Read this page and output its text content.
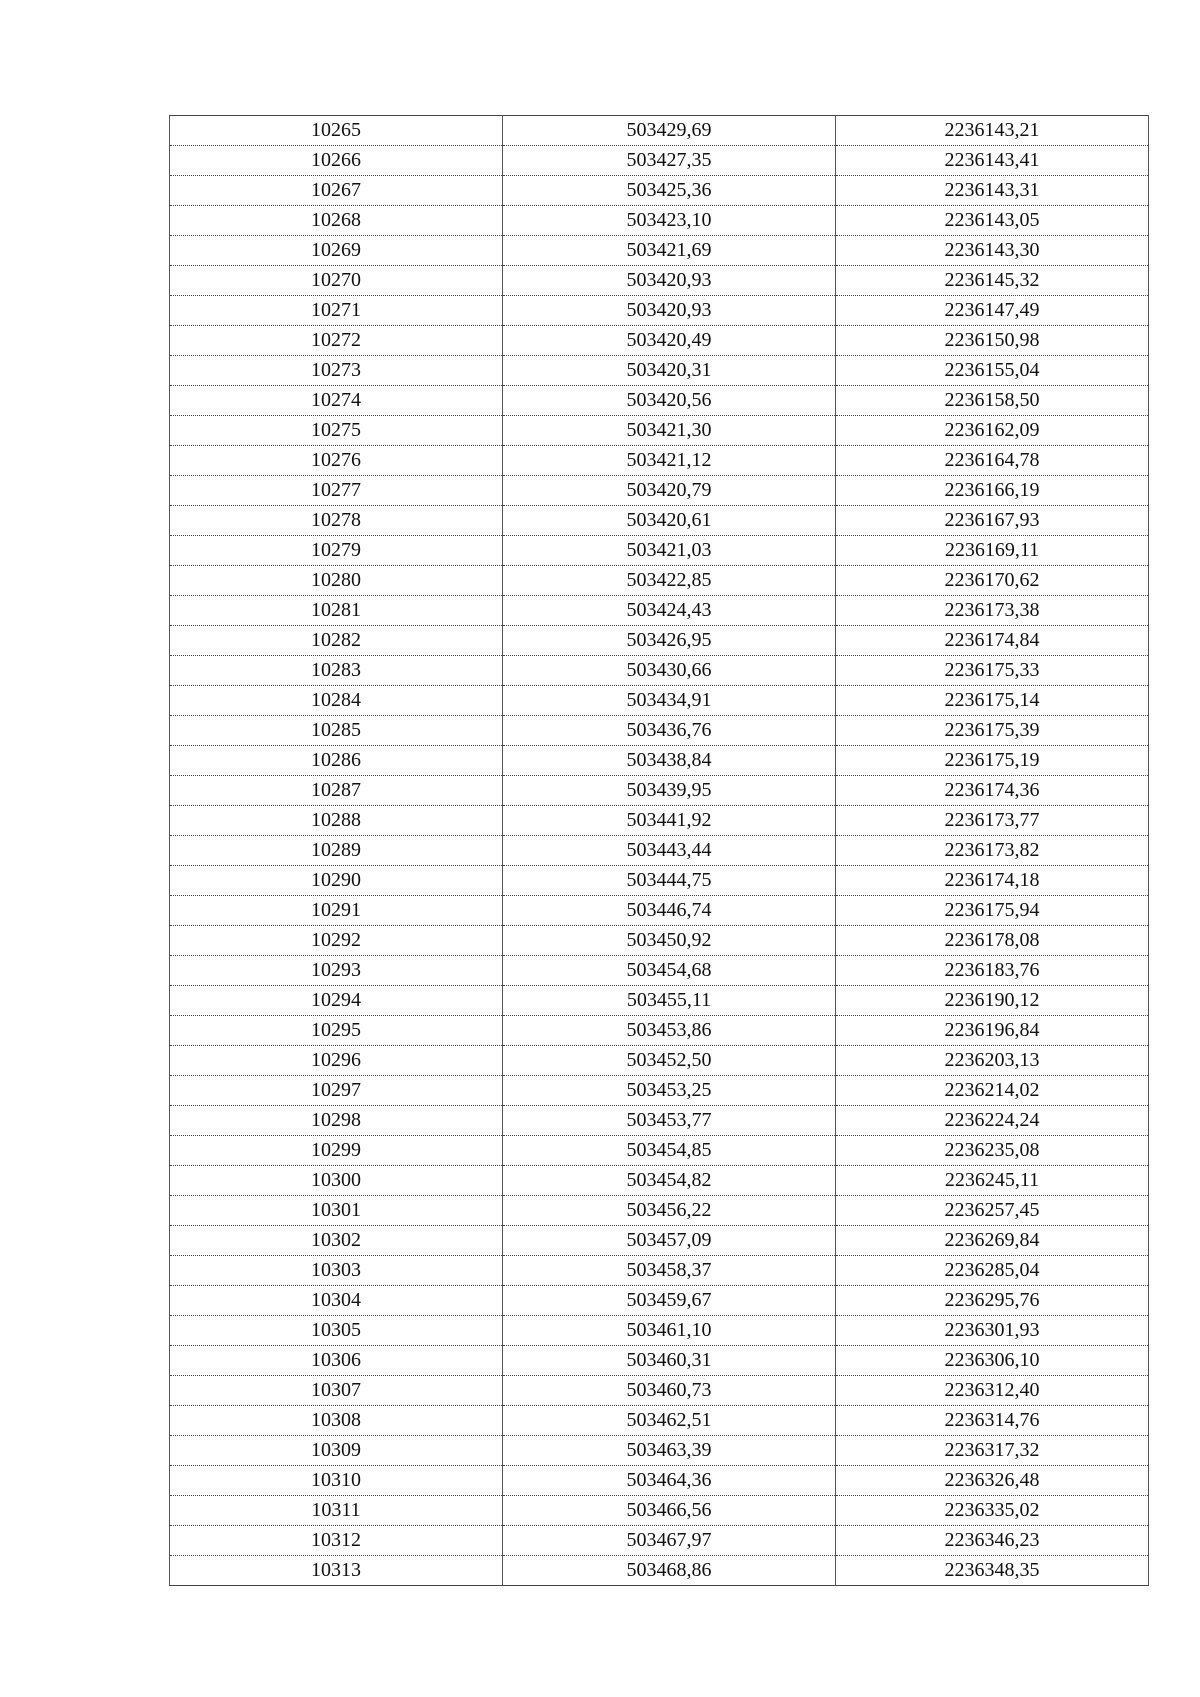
10265	503429,69	2236143,21
10266	503427,35	2236143,41
10267	503425,36	2236143,31
10268	503423,10	2236143,05
10269	503421,69	2236143,30
10270	503420,93	2236145,32
10271	503420,93	2236147,49
10272	503420,49	2236150,98
10273	503420,31	2236155,04
10274	503420,56	2236158,50
10275	503421,30	2236162,09
10276	503421,12	2236164,78
10277	503420,79	2236166,19
10278	503420,61	2236167,93
10279	503421,03	2236169,11
10280	503422,85	2236170,62
10281	503424,43	2236173,38
10282	503426,95	2236174,84
10283	503430,66	2236175,33
10284	503434,91	2236175,14
10285	503436,76	2236175,39
10286	503438,84	2236175,19
10287	503439,95	2236174,36
10288	503441,92	2236173,77
10289	503443,44	2236173,82
10290	503444,75	2236174,18
10291	503446,74	2236175,94
10292	503450,92	2236178,08
10293	503454,68	2236183,76
10294	503455,11	2236190,12
10295	503453,86	2236196,84
10296	503452,50	2236203,13
10297	503453,25	2236214,02
10298	503453,77	2236224,24
10299	503454,85	2236235,08
10300	503454,82	2236245,11
10301	503456,22	2236257,45
10302	503457,09	2236269,84
10303	503458,37	2236285,04
10304	503459,67	2236295,76
10305	503461,10	2236301,93
10306	503460,31	2236306,10
10307	503460,73	2236312,40
10308	503462,51	2236314,76
10309	503463,39	2236317,32
10310	503464,36	2236326,48
10311	503466,56	2236335,02
10312	503467,97	2236346,23
10313	503468,86	2236348,35
